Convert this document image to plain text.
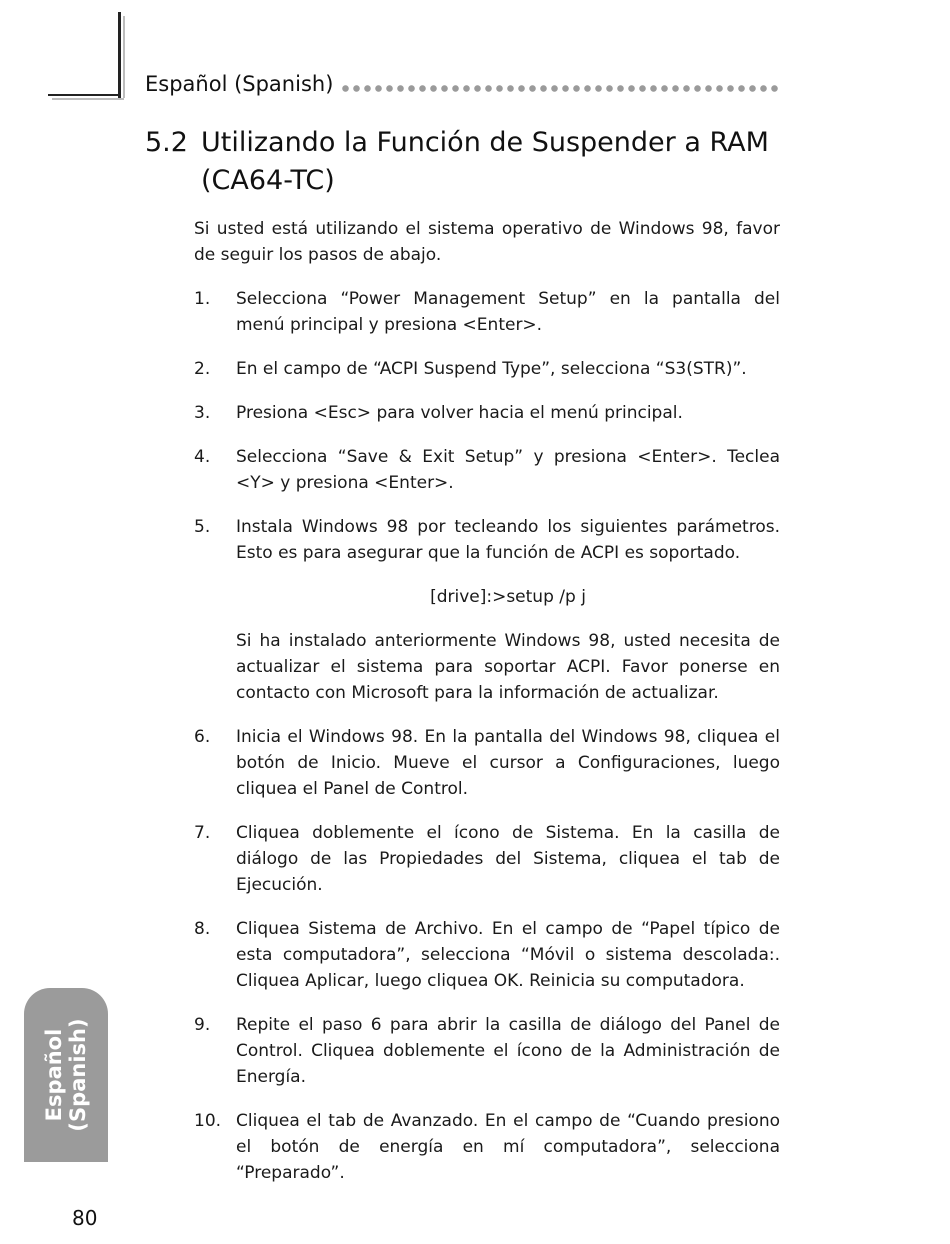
Español (Spanish)
5.2 Utilizando la Función de Suspender a RAM
(CA64-TC)

Si usted está utilizando el sistema operativo de Windows 98, favor de seguir los pasos de abajo.

1.	Selecciona “Power Management Setup” en la pantalla del menú principal y presiona <Enter>.
2.	En el campo de “ACPI Suspend Type”, selecciona “S3(STR)”.
3.	Presiona <Esc> para volver hacia el menú principal.
4.	Selecciona “Save & Exit Setup” y presiona <Enter>. Teclea <Y> y presiona <Enter>.
5.	Instala Windows 98 por tecleando los siguientes parámetros. Esto es para asegurar que la función de ACPI es soportado.
[drive]:>setup /p j

Si ha instalado anteriormente Windows 98, usted necesita de actualizar el sistema para soportar ACPI. Favor ponerse en contacto con Microsoft para la información de actualizar.

6.	Inicia el Windows 98. En la pantalla del Windows 98, cliquea el botón de Inicio. Mueve el cursor a Configuraciones, luego cliquea el Panel de Control.
7.	Cliquea doblemente el ícono de Sistema. En la casilla de diálogo de las Propiedades del Sistema, cliquea el tab de Ejecución.
8.	Cliquea Sistema de Archivo. En el campo de “Papel típico de esta computadora”, selecciona “Móvil o sistema descolada:. Cliquea Aplicar, luego cliquea OK. Reinicia su computadora.
9.	Repite el paso 6 para abrir la casilla de diálogo del Panel de Control. Cliquea doblemente el ícono de la Administración de Energía.
10. Cliquea el tab de Avanzado. En el campo de “Cuando presiono el botón de energía en mí computadora”, selecciona “Preparado”.
Español (Spanish)
80
